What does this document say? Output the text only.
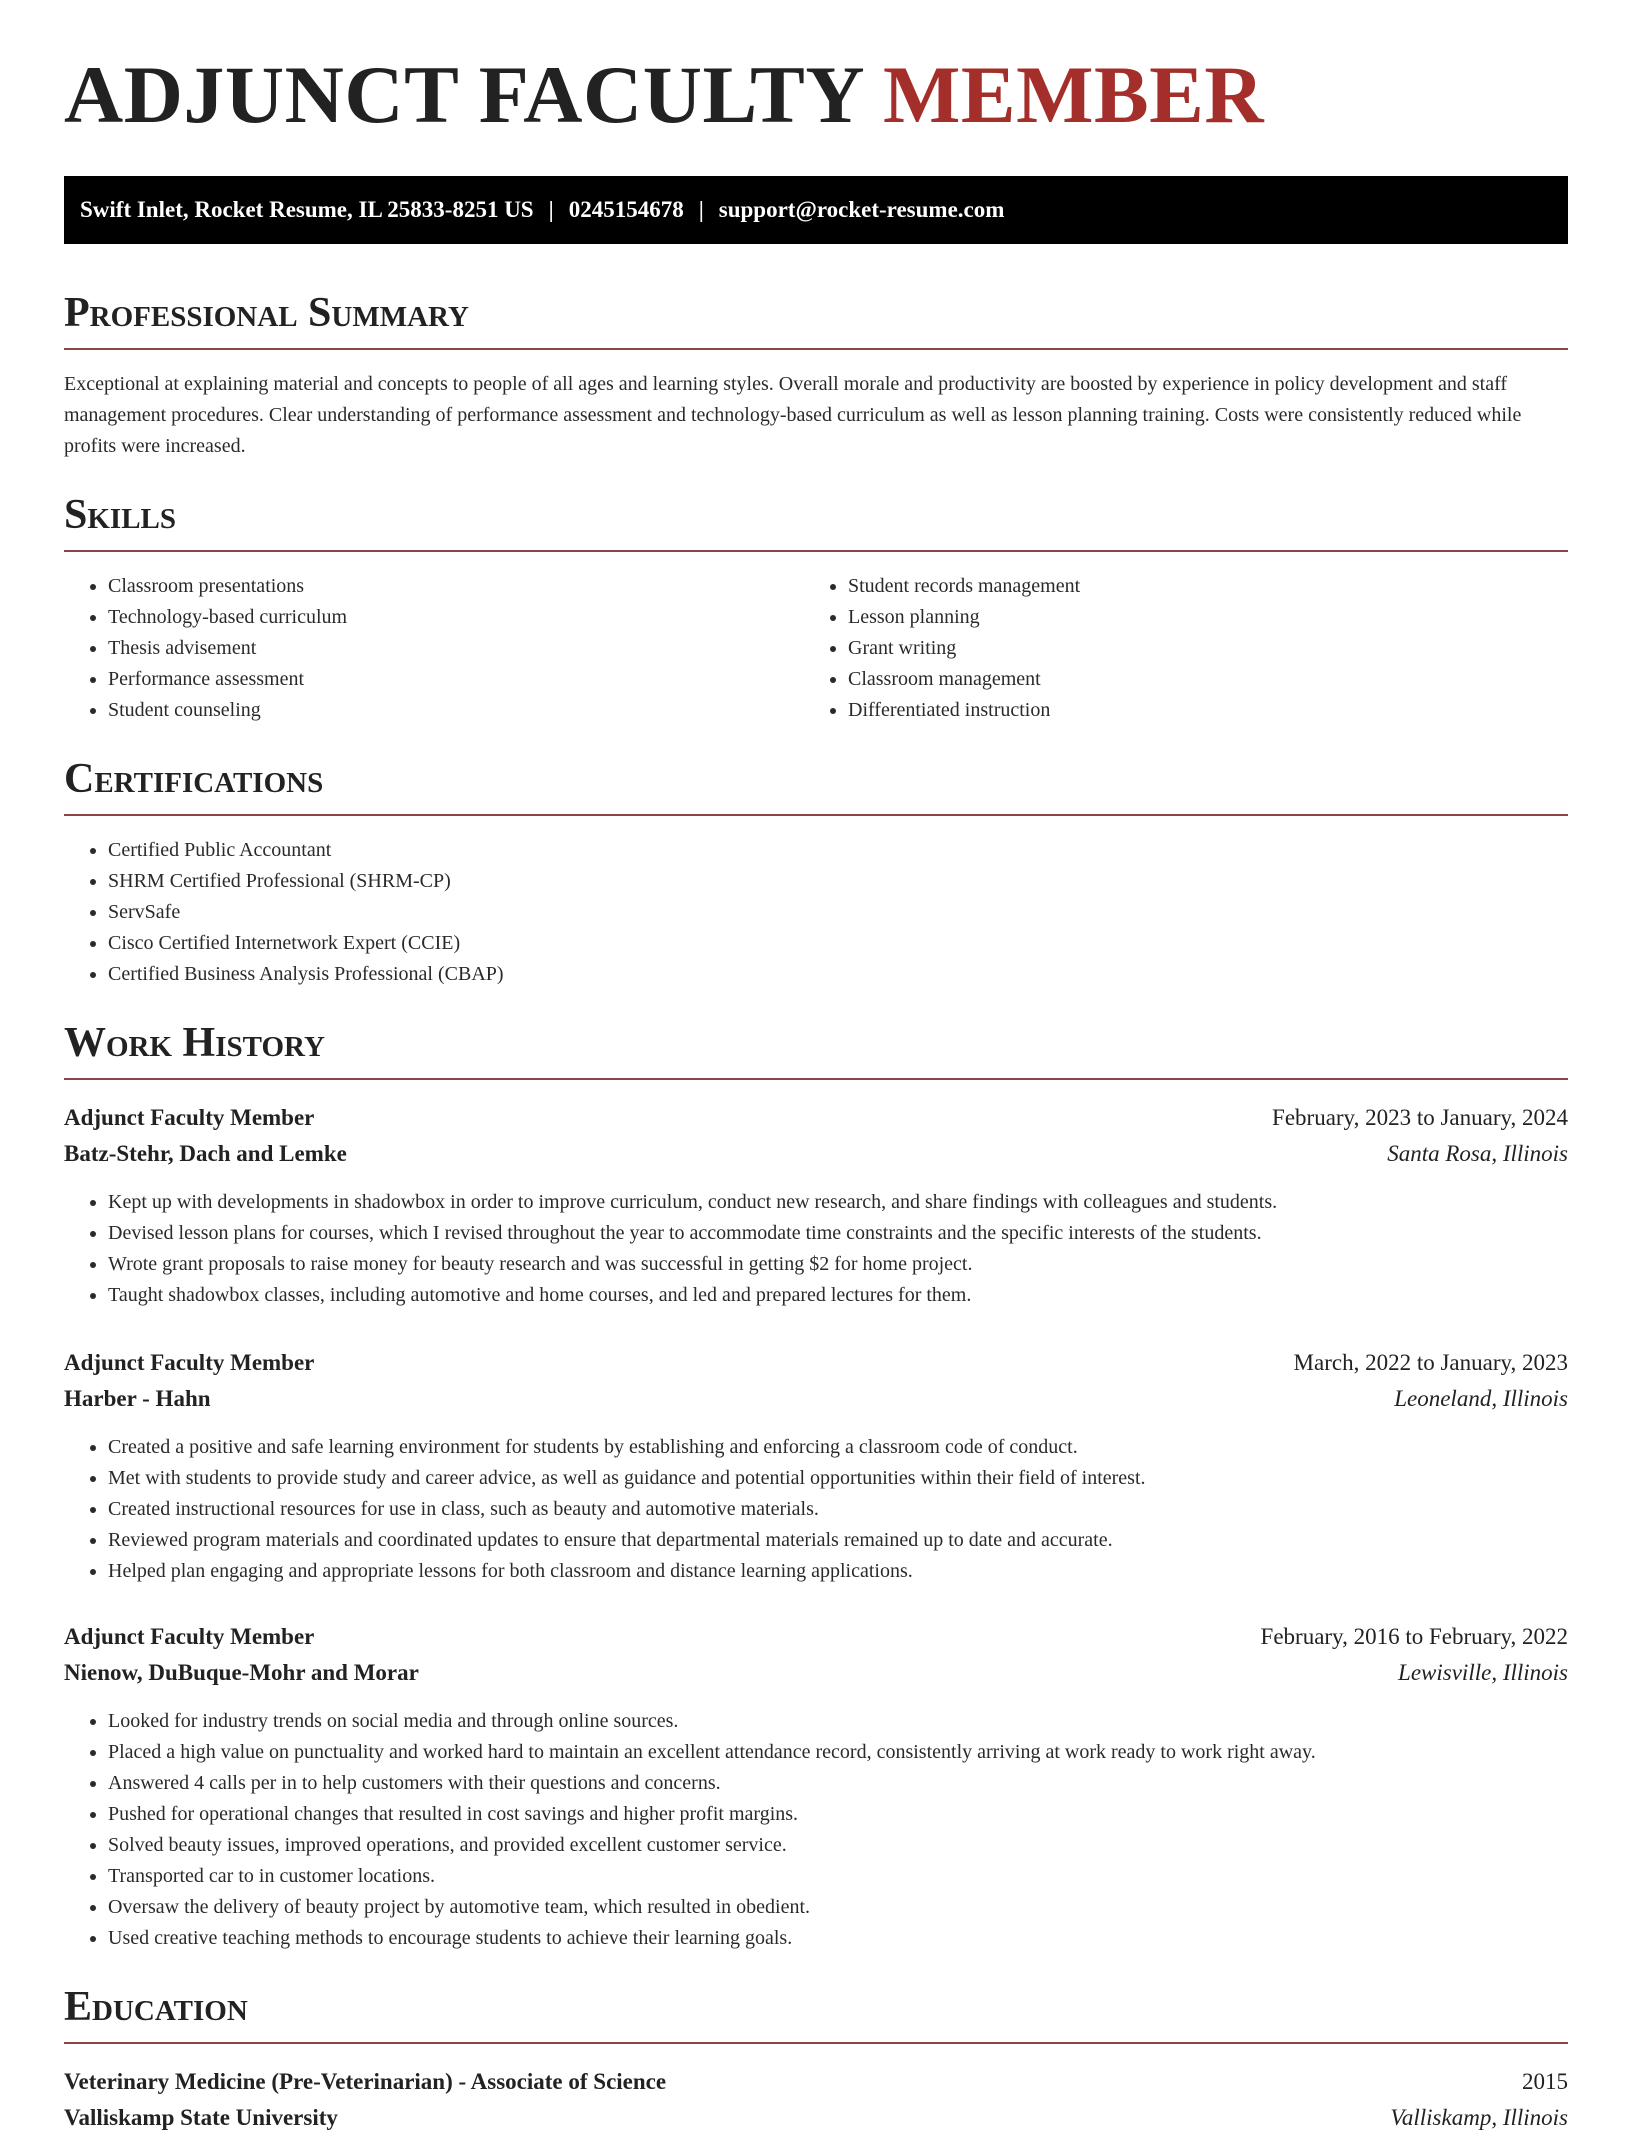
ADJUNCT FACULTY MEMBER
Swift Inlet, Rocket Resume, IL 25833-8251 US | 0245154678 | support@rocket-resume.com
Professional Summary

Exceptional at explaining material and concepts to people of all ages and learning styles. Overall morale and productivity are boosted by experience in policy development and staff management procedures. Clear understanding of performance assessment and technology-based curriculum as well as lesson planning training. Costs were consistently reduced while profits were increased.

Skills
• Classroom presentations
• Technology-based curriculum
• Thesis advisement
• Performance assessment
• Student counseling
• Student records management
• Lesson planning
• Grant writing
• Classroom management
• Differentiated instruction
Certifications
• Certified Public Accountant
• SHRM Certified Professional (SHRM-CP)
• ServSafe
• Cisco Certified Internetwork Expert (CCIE)
• Certified Business Analysis Professional (CBAP)
Work History
Adjunct Faculty Member	February, 2023 to January, 2024
Batz-Stehr, Dach and Lemke	Santa Rosa, Illinois
• Kept up with developments in shadowbox in order to improve curriculum, conduct new research, and share findings with colleagues and students.
• Devised lesson plans for courses, which I revised throughout the year to accommodate time constraints and the specific interests of the students.
• Wrote grant proposals to raise money for beauty research and was successful in getting $2 for home project.
• Taught shadowbox classes, including automotive and home courses, and led and prepared lectures for them.
Adjunct Faculty Member	March, 2022 to January, 2023
Harber - Hahn	Leoneland, Illinois
• Created a positive and safe learning environment for students by establishing and enforcing a classroom code of conduct.
• Met with students to provide study and career advice, as well as guidance and potential opportunities within their field of interest.
• Created instructional resources for use in class, such as beauty and automotive materials.
• Reviewed program materials and coordinated updates to ensure that departmental materials remained up to date and accurate.
• Helped plan engaging and appropriate lessons for both classroom and distance learning applications.
Adjunct Faculty Member	February, 2016 to February, 2022
Nienow, DuBuque-Mohr and Morar	Lewisville, Illinois
• Looked for industry trends on social media and through online sources.
• Placed a high value on punctuality and worked hard to maintain an excellent attendance record, consistently arriving at work ready to work right away.
• Answered 4 calls per in to help customers with their questions and concerns.
• Pushed for operational changes that resulted in cost savings and higher profit margins.
• Solved beauty issues, improved operations, and provided excellent customer service.
• Transported car to in customer locations.
• Oversaw the delivery of beauty project by automotive team, which resulted in obedient.
• Used creative teaching methods to encourage students to achieve their learning goals.
Education
Veterinary Medicine (Pre-Veterinarian) - Associate of Science	2015
Valliskamp State University	Valliskamp, Illinois
